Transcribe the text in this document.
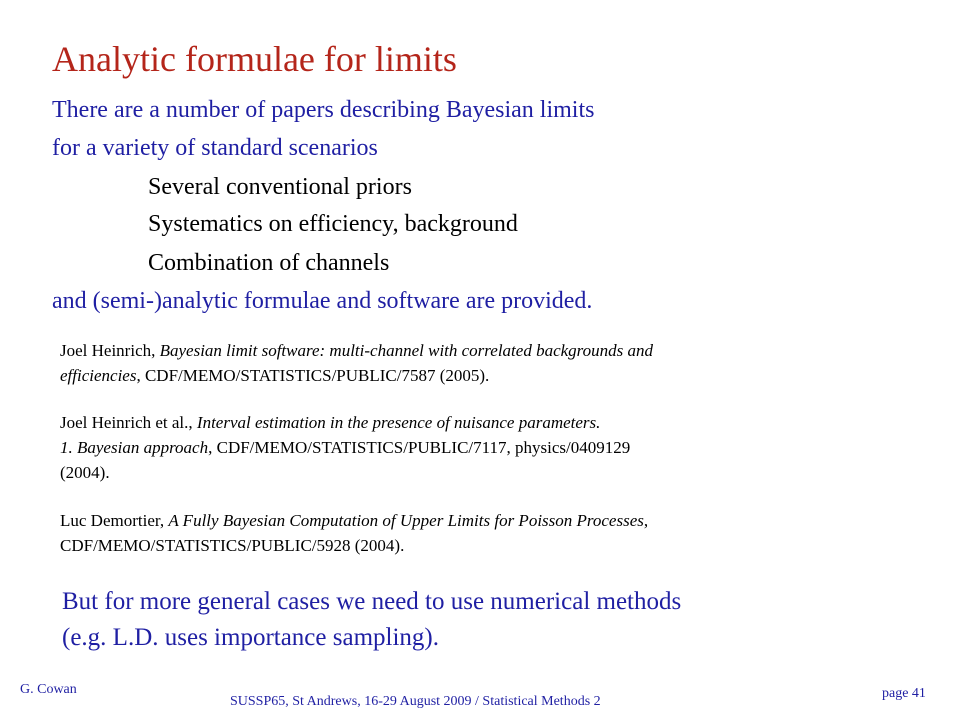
Analytic formulae for limits
There are a number of papers describing Bayesian limits
for a variety of standard scenarios
Several conventional priors
Systematics on efficiency, background
Combination of channels
and (semi-)analytic formulae and software are provided.
Joel Heinrich, Bayesian limit software: multi-channel with correlated backgrounds and
efficiencies, CDF/MEMO/STATISTICS/PUBLIC/7587 (2005).
Joel Heinrich et al., Interval estimation in the presence of nuisance parameters.
1. Bayesian approach, CDF/MEMO/STATISTICS/PUBLIC/7117, physics/0409129
(2004).
Luc Demortier, A Fully Bayesian Computation of Upper Limits for Poisson Processes,
CDF/MEMO/STATISTICS/PUBLIC/5928 (2004).
But for more general cases we need to use numerical methods
(e.g. L.D. uses importance sampling).
G. Cowan
SUSSP65, St Andrews, 16-29 August 2009 / Statistical Methods 2
page 41
